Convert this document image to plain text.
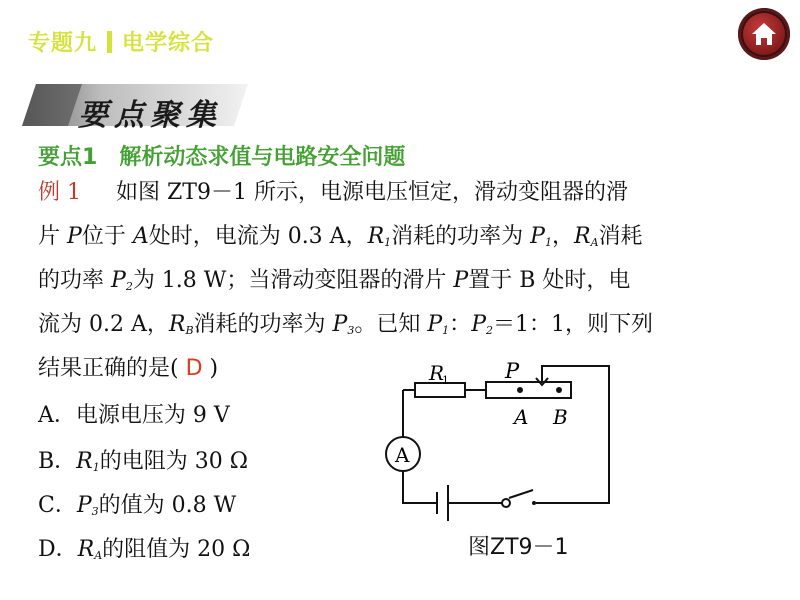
专题九 电学综合
要点聚集
要点1 解析动态求值与电路安全问题
例 1 如图 ZT9－1 所示，电源电压恒定，滑动变阻器的滑
片 P位于 A处时，电流为 0.3 A，$R_1$消耗的功率为 $P_1$，$R_A$消耗
的功率 $P_2$为 1.8 W；当滑动变阻器的滑片 P置于 B 处时，电
流为 0.2 A，$R_B$消耗的功率为 $P_3$。已知 $P_1$：$P_2=1$：1，则下列
结果正确的是( D )
A．电源电压为 9 V
B．$R_1$的电阻为 30 Ω
C．$P_3$的值为 0.8 W
D．$R_A$的阻值为 20 Ω
R
1	P
A B
A
图ZT9－1
